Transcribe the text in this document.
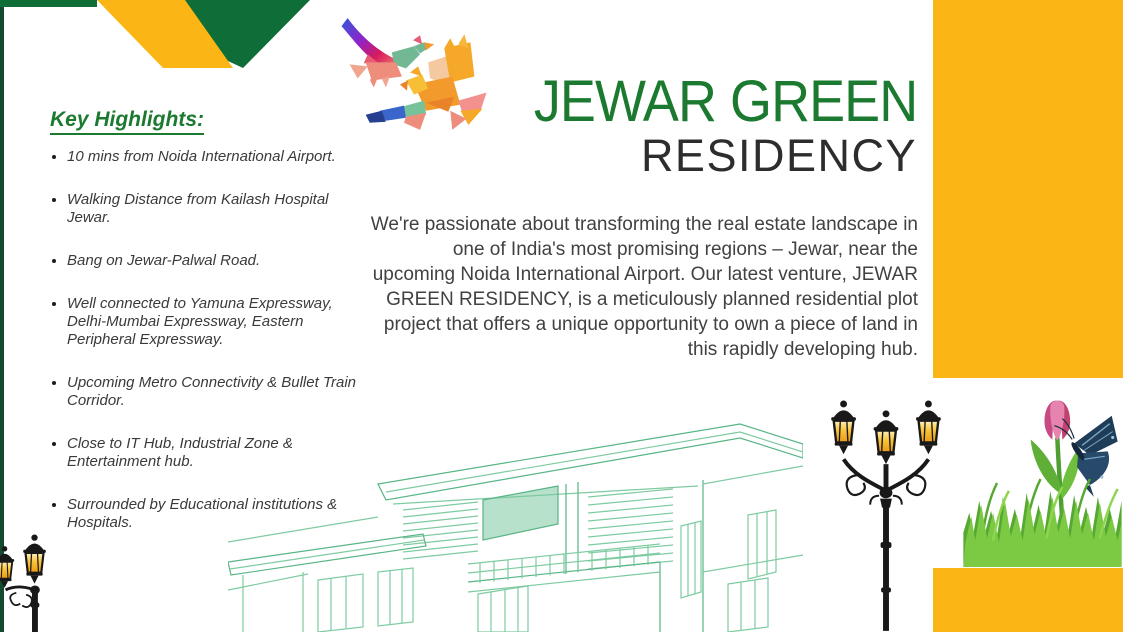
Key Highlights:
• 10 mins from Noida International Airport.
• Walking Distance from Kailash Hospital Jewar.
• Bang on Jewar-Palwal Road.
• Well connected to Yamuna Expressway, Delhi-Mumbai Expressway, Eastern Peripheral Expressway.
• Upcoming Metro Connectivity & Bullet Train Corridor.
• Close to IT Hub, Industrial Zone & Entertainment hub.
• Surrounded by Educational institutions & Hospitals.
JEWAR GREEN
RESIDENCY

We're passionate about transforming the real estate landscape in one of India's most promising regions – Jewar, near the upcoming Noida International Airport. Our latest venture, JEWAR GREEN RESIDENCY, is a meticulously planned residential plot project that offers a unique opportunity to own a piece of land in this rapidly developing hub.
